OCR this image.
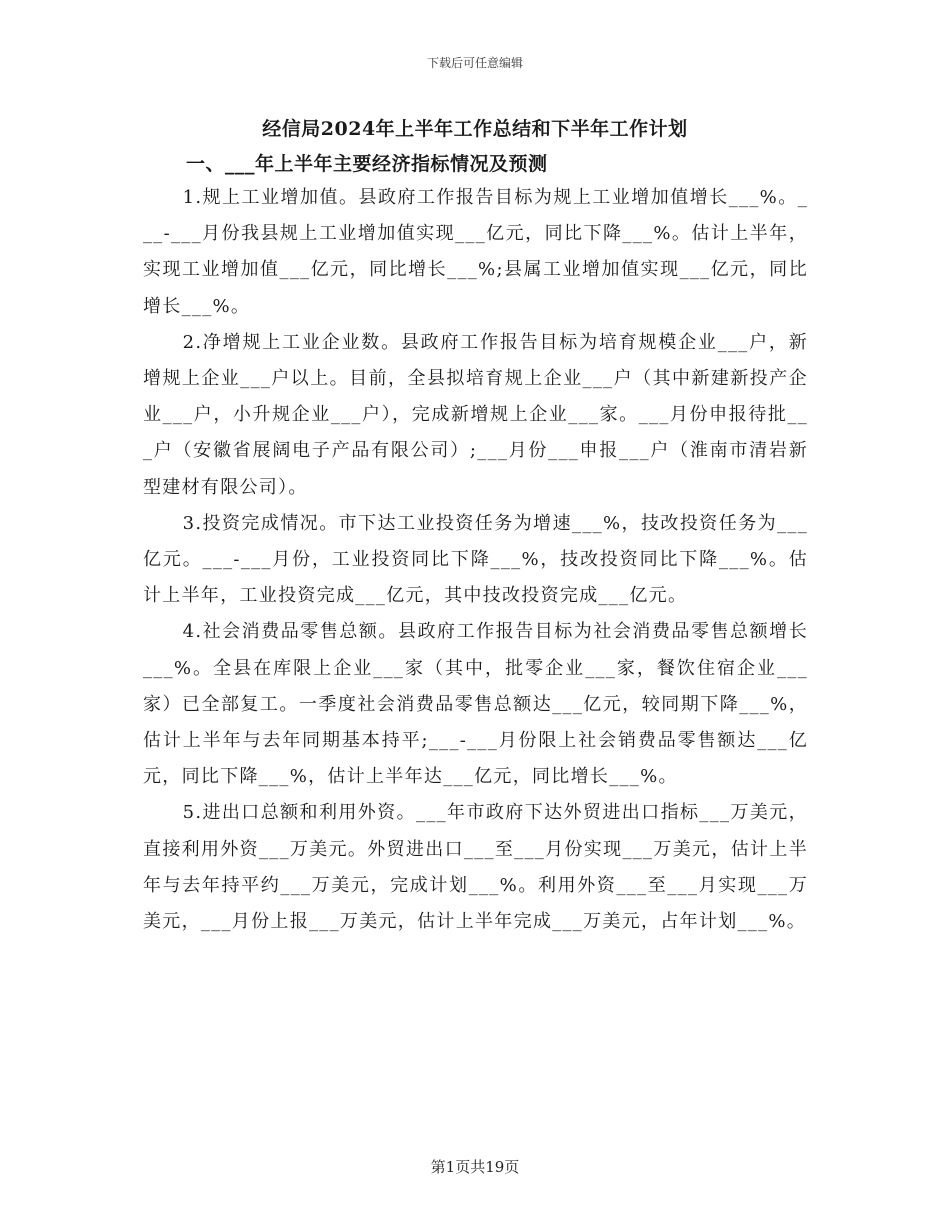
下载后可任意编辑
经信局2024年上半年工作总结和下半年工作计划
一、___年上半年主要经济指标情况及预测

1.规上工业增加值。县政府工作报告目标为规上工业增加值增长___%。___-___月份我县规上工业增加值实现___亿元，同比下降___%。估计上半年，实现工业增加值___亿元，同比增长___%;县属工业增加值实现___亿元，同比增长___%。

2.净增规上工业企业数。县政府工作报告目标为培育规模企业___户，新增规上企业___户以上。目前，全县拟培育规上企业___户（其中新建新投产企业___户，小升规企业___户），完成新增规上企业___家。___月份申报待批___户（安徽省展阔电子产品有限公司）;___月份___申报___户（淮南市清岩新型建材有限公司）。

3.投资完成情况。市下达工业投资任务为增速___%，技改投资任务为___亿元。___-___月份，工业投资同比下降___%，技改投资同比下降___%。估计上半年，工业投资完成___亿元，其中技改投资完成___亿元。

4.社会消费品零售总额。县政府工作报告目标为社会消费品零售总额增长___%。全县在库限上企业___家（其中，批零企业___家，餐饮住宿企业___家）已全部复工。一季度社会消费品零售总额达___亿元，较同期下降___%，估计上半年与去年同期基本持平;___-___月份限上社会销费品零售额达___亿元，同比下降___%，估计上半年达___亿元，同比增长___%。

5.进出口总额和利用外资。___年市政府下达外贸进出口指标___万美元，直接利用外资___万美元。外贸进出口___至___月份实现___万美元，估计上半年与去年持平约___万美元，完成计划___%。利用外资___至___月实现___万美元，___月份上报___万美元，估计上半年完成___万美元，占年计划___%。

第1页共19页
